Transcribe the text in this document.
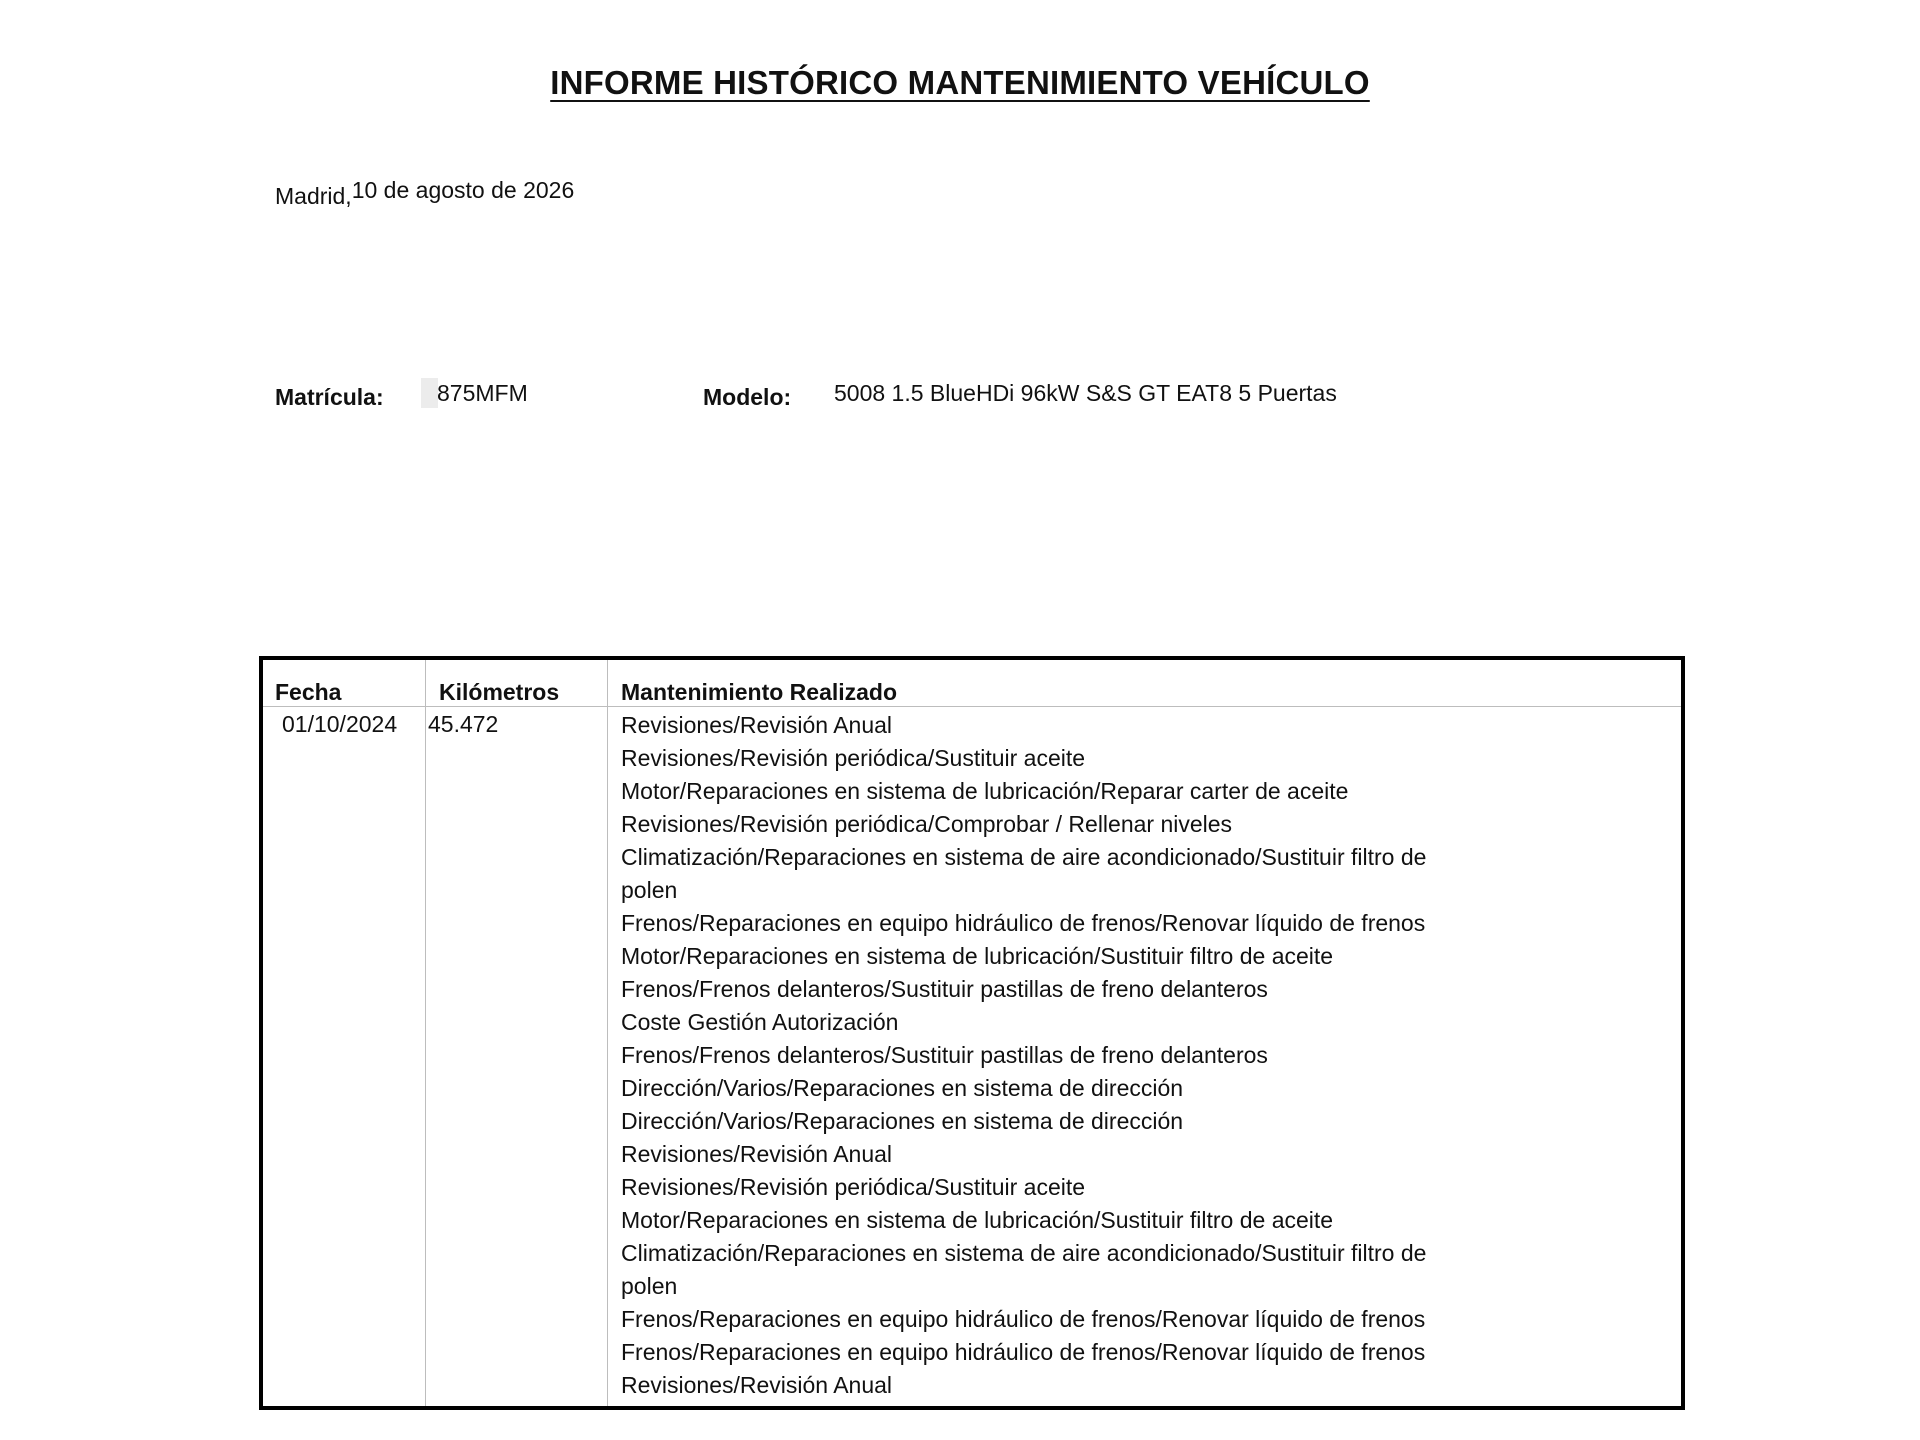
INFORME HISTÓRICO MANTENIMIENTO VEHÍCULO
Madrid,10 de agosto de 2026
Matrícula: 875MFM	Modelo: 5008 1.5 BlueHDi 96kW S&S GT EAT8 5 Puertas
Fecha	Kilómetros	Mantenimiento Realizado
01/10/2024 45.472	Revisiones/Revisión Anual
Revisiones/Revisión periódica/Sustituir aceite
Motor/Reparaciones en sistema de lubricación/Reparar carter de aceite
Revisiones/Revisión periódica/Comprobar / Rellenar niveles
Climatización/Reparaciones en sistema de aire acondicionado/Sustituir filtro de
polen
Frenos/Reparaciones en equipo hidráulico de frenos/Renovar líquido de frenos
Motor/Reparaciones en sistema de lubricación/Sustituir filtro de aceite
Frenos/Frenos delanteros/Sustituir pastillas de freno delanteros
Coste Gestión Autorización
Frenos/Frenos delanteros/Sustituir pastillas de freno delanteros
Dirección/Varios/Reparaciones en sistema de dirección
Dirección/Varios/Reparaciones en sistema de dirección
Revisiones/Revisión Anual
Revisiones/Revisión periódica/Sustituir aceite
Motor/Reparaciones en sistema de lubricación/Sustituir filtro de aceite
Climatización/Reparaciones en sistema de aire acondicionado/Sustituir filtro de
polen
Frenos/Reparaciones en equipo hidráulico de frenos/Renovar líquido de frenos
Frenos/Reparaciones en equipo hidráulico de frenos/Renovar líquido de frenos
Revisiones/Revisión Anual
